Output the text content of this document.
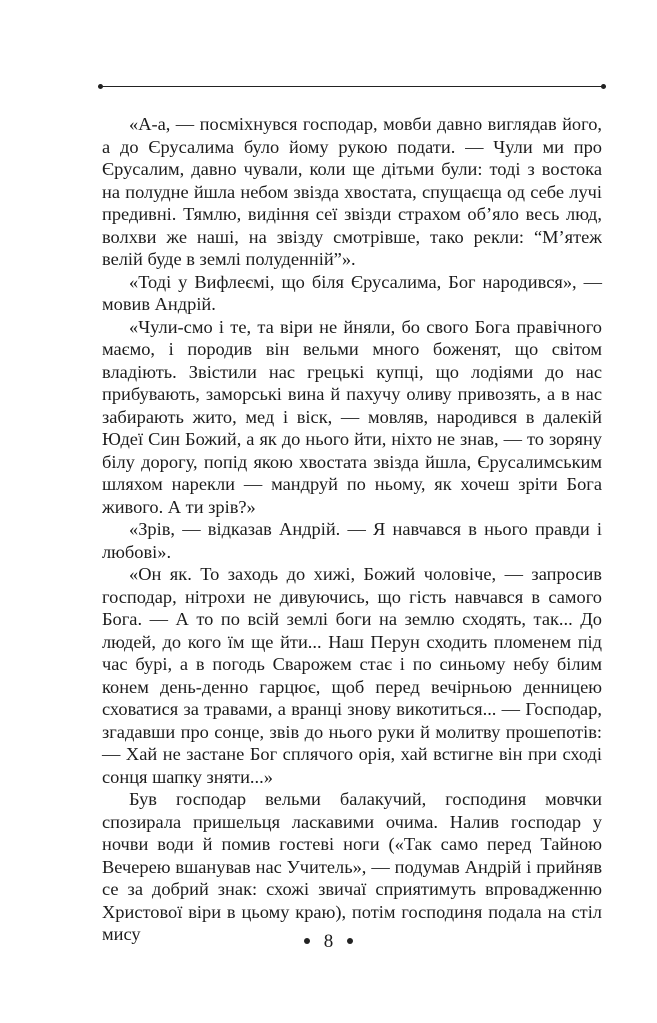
«А-а, — посміхнувся господар, мовби давно виглядав його, а до Єрусалима було йому рукою подати. — Чули ми про Єрусалим, давно чували, коли ще дітьми були: тоді з востока на полудне йшла небом звізда хвостата, спущаєща од себе лучі предивні. Тямлю, видіння сеї звізди страхом об’яло весь люд, волхви же наші, на звізду смотрівше, тако рекли: “М’ятеж велій буде в землі полуденній”».

«Тоді у Вифлеємі, що біля Єрусалима, Бог народився», — мовив Андрій.

«Чули-смо і те, та віри не йняли, бо свого Бога правічного маємо, і породив він вельми много боженят, що світом владіють. Звістили нас грецькі купці, що лодіями до нас прибувають, заморські вина й пахучу оливу привозять, а в нас забирають жито, мед і віск, — мовляв, народився в далекій Юдеї Син Божий, а як до нього йти, ніхто не знав, — то зоряну білу дорогу, попід якою хвостата звізда йшла, Єрусалимським шляхом нарекли — мандруй по ньому, як хочеш зріти Бога живого. А ти зрів?»

«Зрів, — відказав Андрій. — Я навчався в нього правди і любові».

«Он як. То заходь до хижі, Божий чоловіче, — запросив господар, нітрохи не дивуючись, що гість навчався в самого Бога. — А то по всій землі боги на землю сходять, так... До людей, до кого їм ще йти... Наш Перун сходить пломенем під час бурі, а в погодь Сварожем стає і по синьому небу білим конем день-денно гарцює, щоб перед вечірньою денницею сховатися за травами, а вранці знову викотиться... — Господар, згадавши про сонце, звів до нього руки й молитву прошепотів: — Хай не застане Бог сплячого орія, хай встигне він при сході сонця шапку зняти...»

Був господар вельми балакучий, господиня мовчки спозирала пришельця ласкавими очима. Налив господар у ночви води й помив гостеві ноги («Так само перед Тайною Вечерею вшанував нас Учитель», — подумав Андрій і прийняв се за добрий знак: схожі звичаї сприятимуть впровадженню Христової віри в цьому краю), потім господиня подала на стіл мису	8
